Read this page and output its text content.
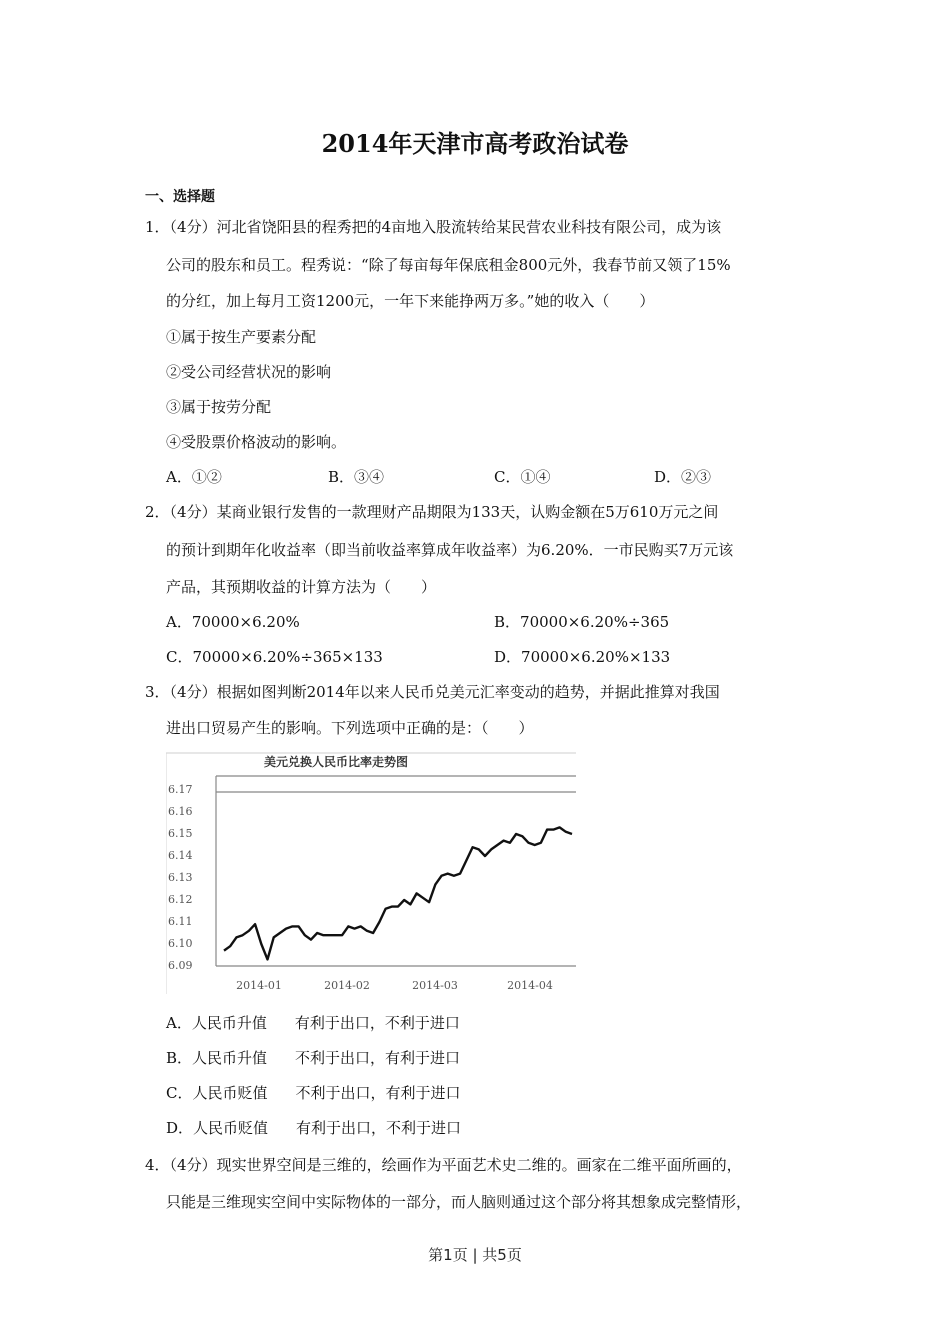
2014年天津市高考政治试卷
一、选择题
1．（4分）河北省饶阳县的程秀把的4亩地入股流转给某民营农业科技有限公司，成为该
公司的股东和员工。程秀说：“除了每亩每年保底租金800元外，我春节前又领了15%
的分红，加上每月工资1200元，一年下来能挣两万多。”她的收入（　　）
①属于按生产要素分配
②受公司经营状况的影响
③属于按劳分配
④受股票价格波动的影响。
A．①②	B．③④	C．①④	D．②③
2．（4分）某商业银行发售的一款理财产品期限为133天，认购金额在5万610万元之间
的预计到期年化收益率（即当前收益率算成年收益率）为6.20%．一市民购买7万元该
产品，其预期收益的计算方法为（　　）
A．70000×6.20%	B．70000×6.20%÷365
C．70000×6.20%÷365×133	D．70000×6.20%×133
3．（4分）根据如图判断2014年以来人民币兑美元汇率变动的趋势，并据此推算对我国
进出口贸易产生的影响。下列选项中正确的是：（　　）
美元兑换人民币比率走势图
6.17
6.16
6.15
6.14
6.13
6.12
6.11
6.10
6.09
2014-01	2014-02	2014-03	2014-04
A．人民币升值 有利于出口，不利于进口
B．人民币升值 不利于出口，有利于进口
C．人民币贬值 不利于出口，有利于进口
D．人民币贬值 有利于出口，不利于进口
4．（4分）现实世界空间是三维的，绘画作为平面艺术史二维的。画家在二维平面所画的，
只能是三维现实空间中实际物体的一部分，而人脑则通过这个部分将其想象成完整情形，
第1页 | 共5页
